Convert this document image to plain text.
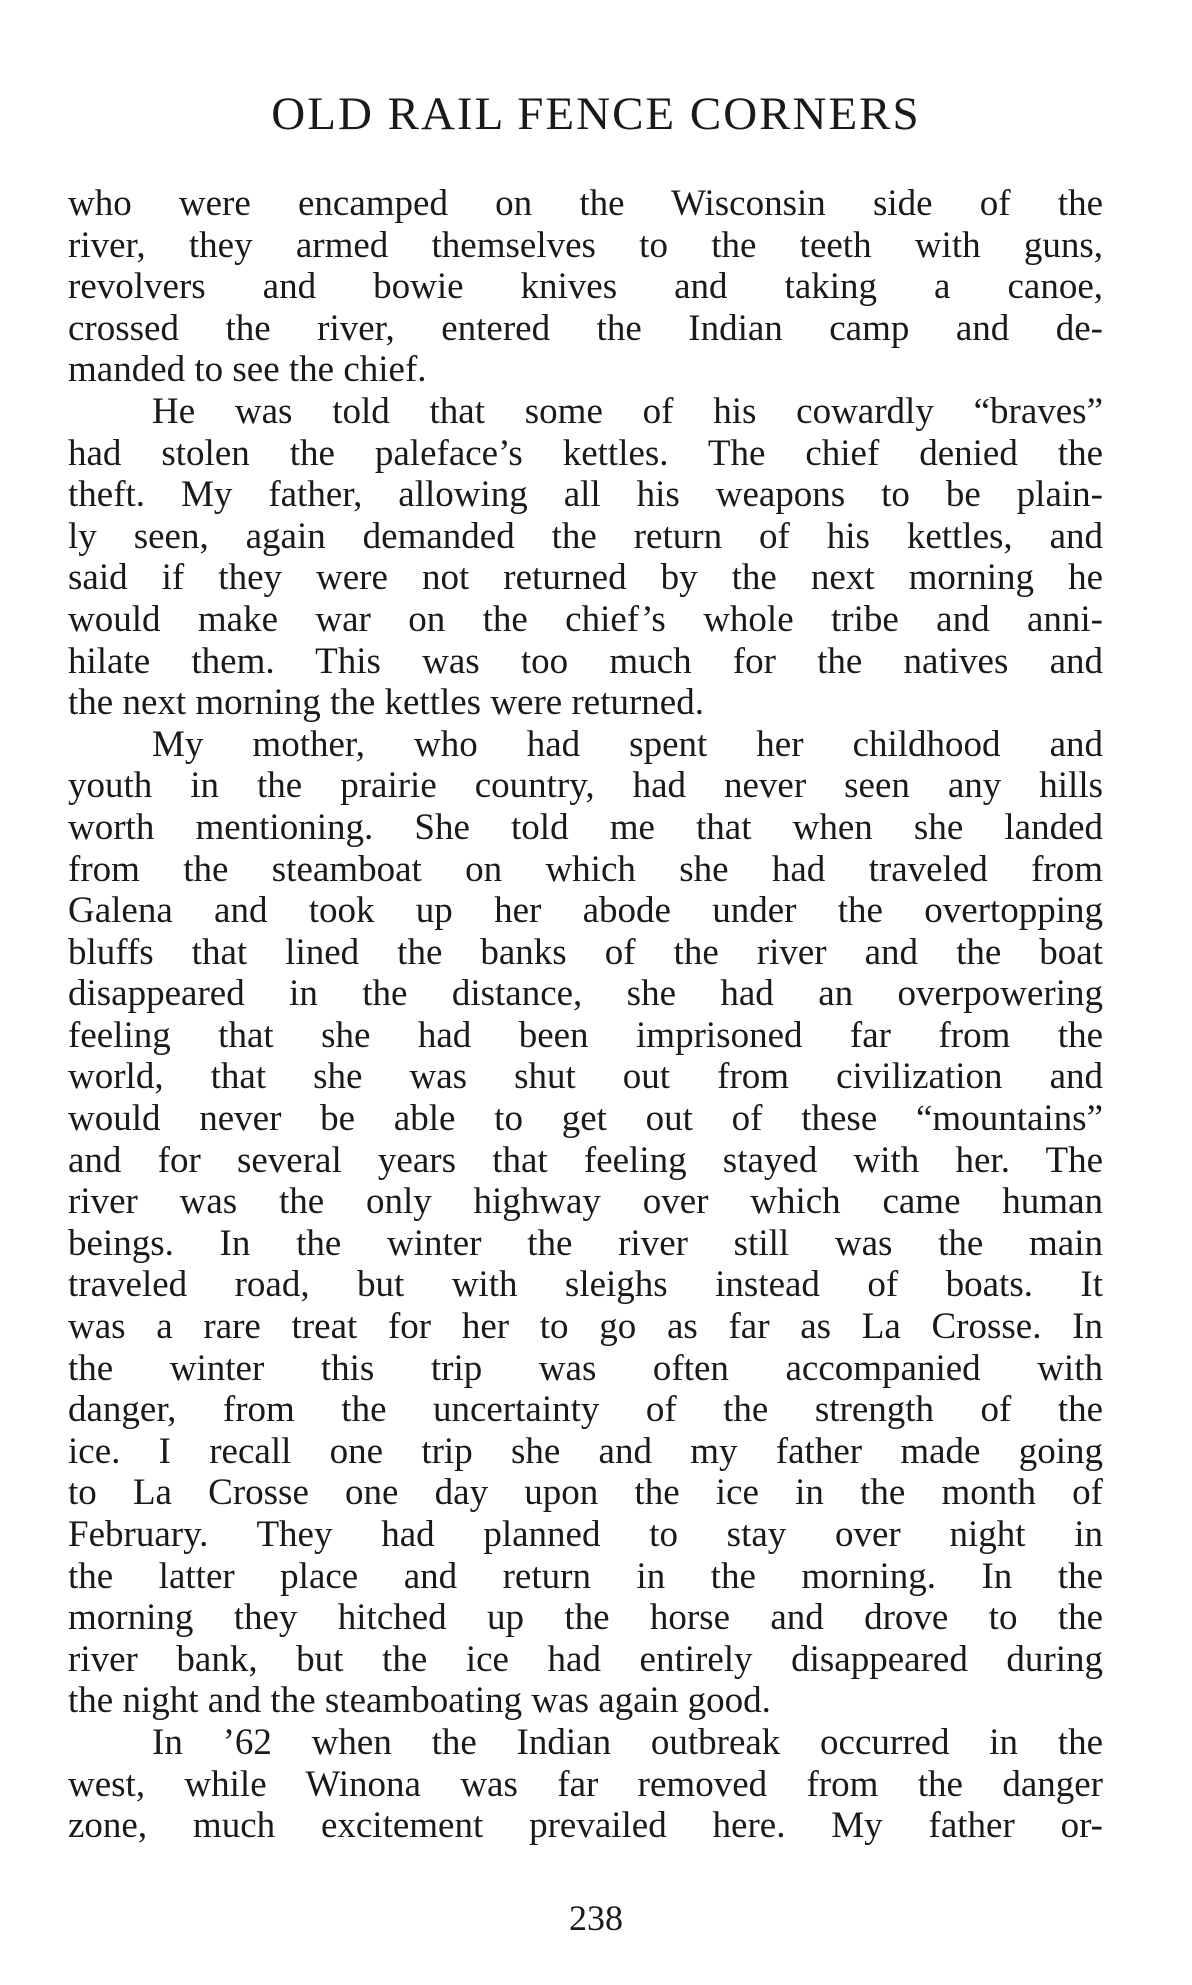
OLD RAIL FENCE CORNERS
who were encamped on the Wisconsin side of the
river, they armed themselves to the teeth with guns,
revolvers and bowie knives and taking a canoe,
crossed the river, entered the Indian camp and de-
manded to see the chief.
He was told that some of his cowardly “braves”
had stolen the paleface’s kettles. The chief denied the
theft. My father, allowing all his weapons to be plain-
ly seen, again demanded the return of his kettles, and
said if they were not returned by the next morning he
would make war on the chief’s whole tribe and anni-
hilate them. This was too much for the natives and
the next morning the kettles were returned.
My mother, who had spent her childhood and
youth in the prairie country, had never seen any hills
worth mentioning. She told me that when she landed
from the steamboat on which she had traveled from
Galena and took up her abode under the overtopping
bluffs that lined the banks of the river and the boat
disappeared in the distance, she had an overpowering
feeling that she had been imprisoned far from the
world, that she was shut out from civilization and
would never be able to get out of these “mountains”
and for several years that feeling stayed with her. The
river was the only highway over which came human
beings. In the winter the river still was the main
traveled road, but with sleighs instead of boats. It
was a rare treat for her to go as far as La Crosse. In
the winter this trip was often accompanied with
danger, from the uncertainty of the strength of the
ice. I recall one trip she and my father made going
to La Crosse one day upon the ice in the month of
February. They had planned to stay over night in
the latter place and return in the morning. In the
morning they hitched up the horse and drove to the
river bank, but the ice had entirely disappeared during
the night and the steamboating was again good.
In ’62 when the Indian outbreak occurred in the
west, while Winona was far removed from the danger
zone, much excitement prevailed here. My father or-
238
